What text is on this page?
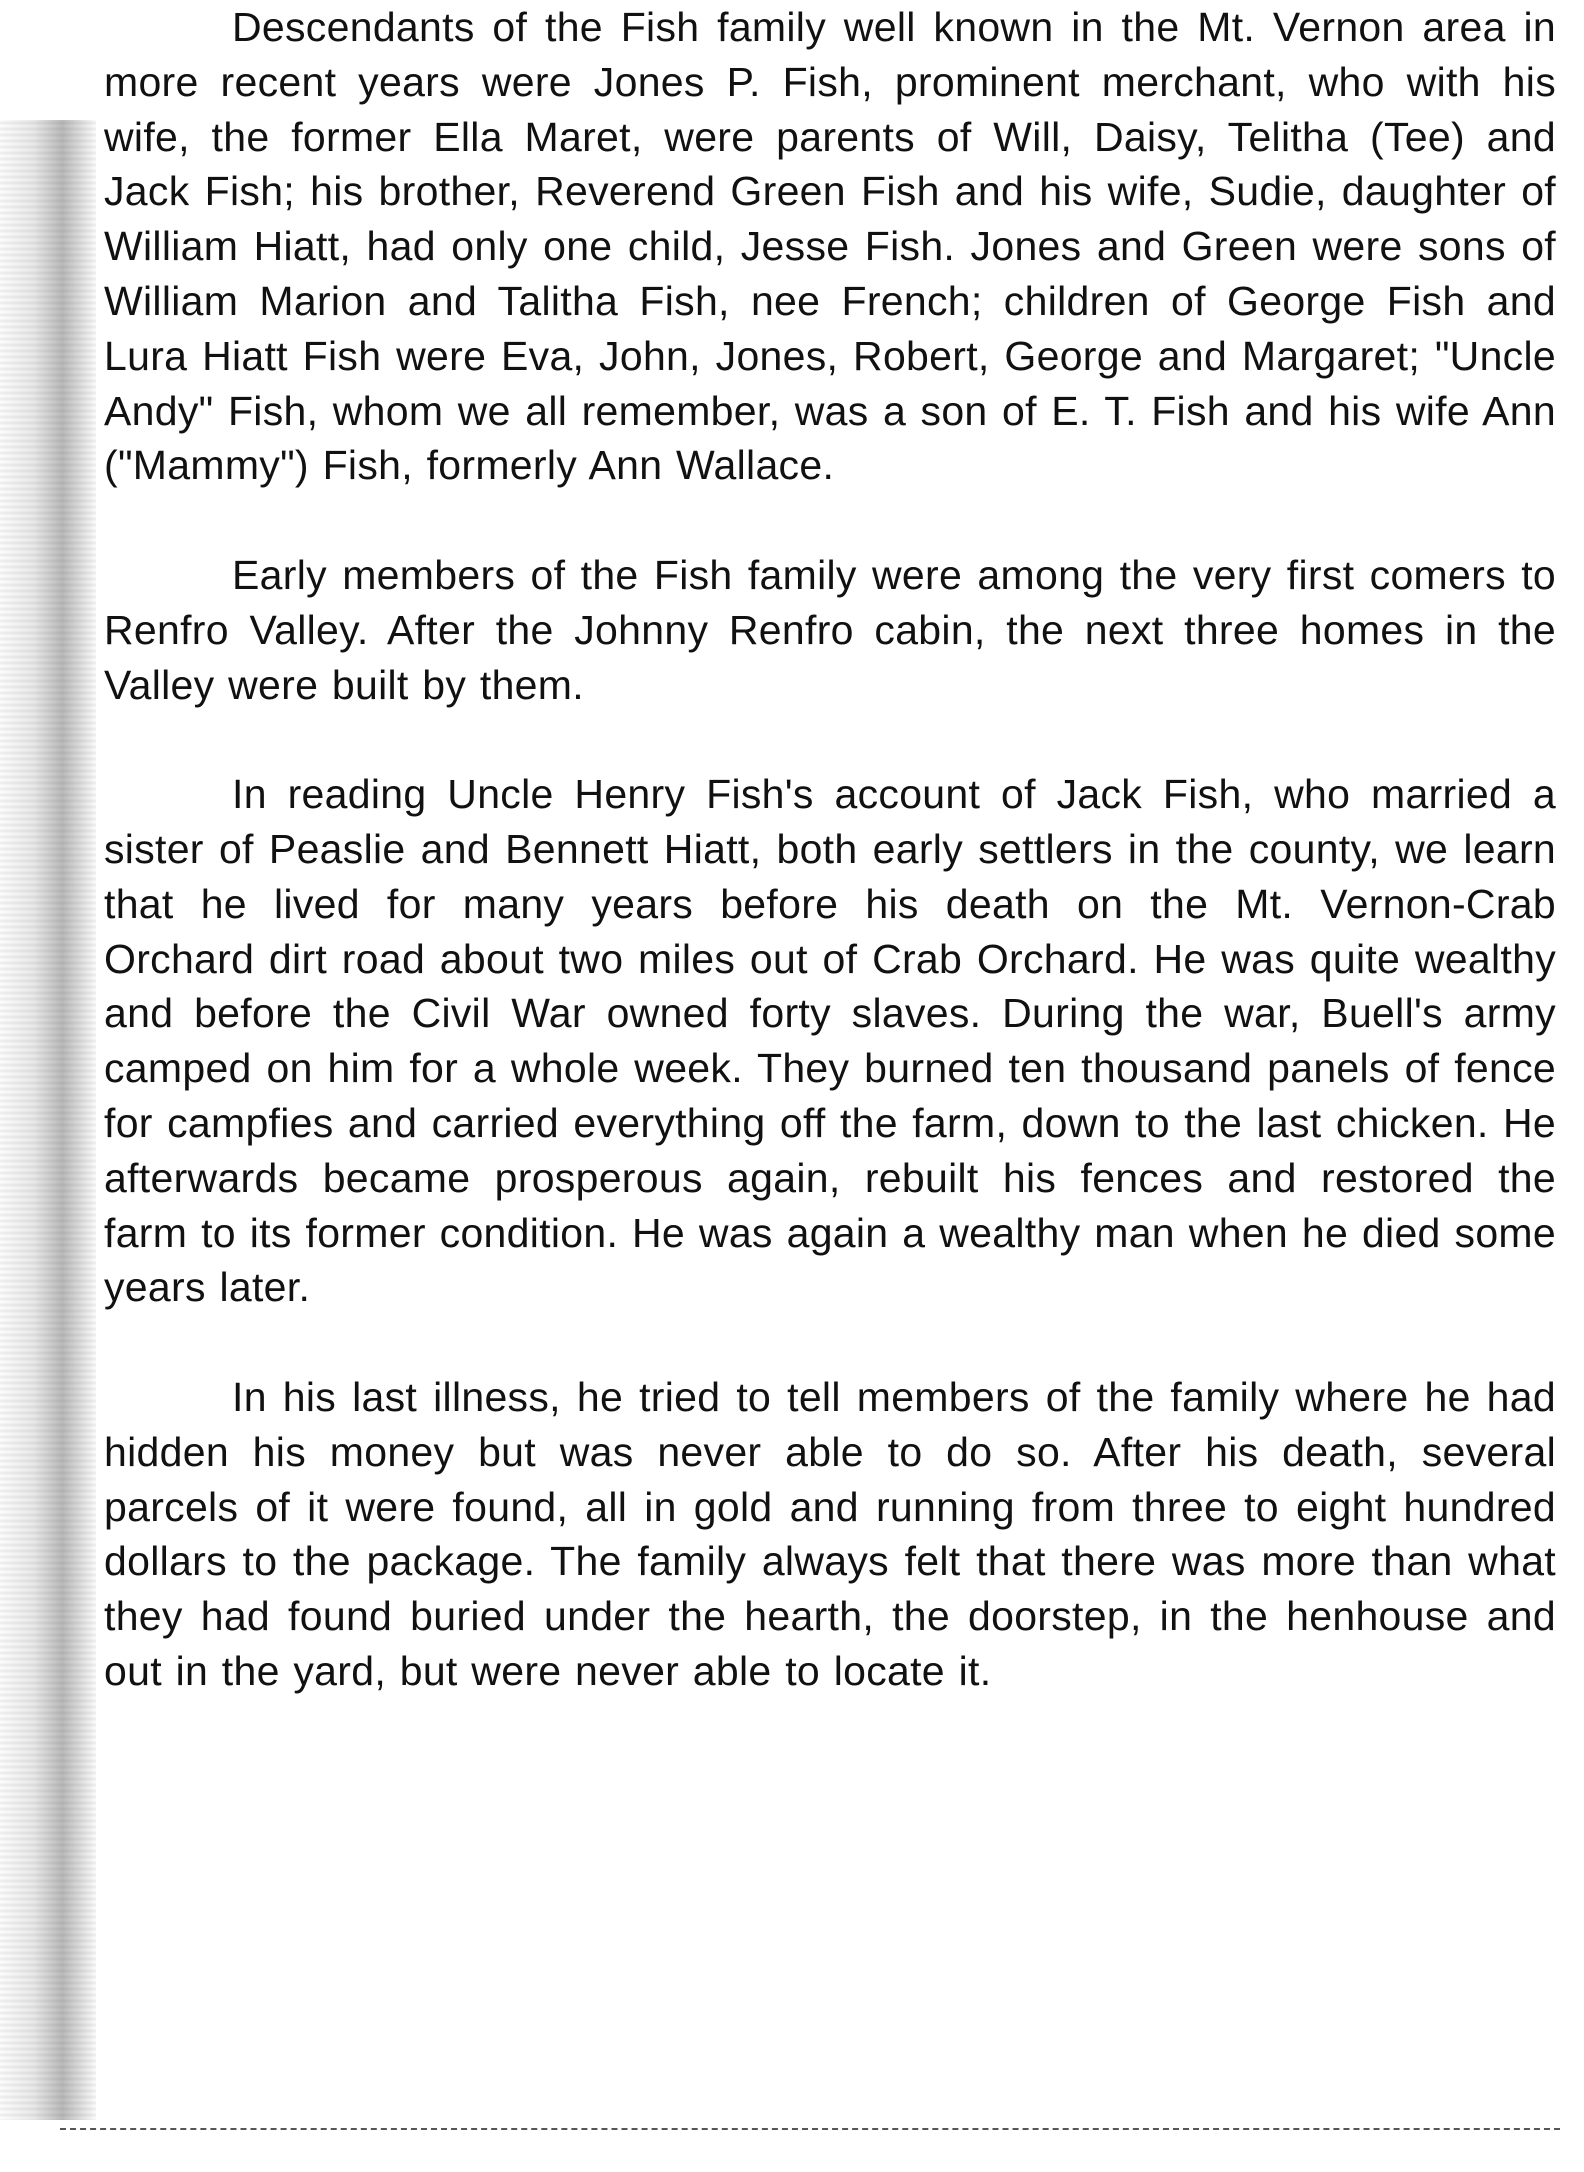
Descendants of the Fish family well known in the Mt. Vernon area in more recent years were Jones P. Fish, prominent merchant, who with his wife, the former Ella Maret, were parents of Will, Daisy, Telitha (Tee) and Jack Fish; his brother, Reverend Green Fish and his wife, Sudie, daughter of William Hiatt, had only one child, Jesse Fish. Jones and Green were sons of William Marion and Talitha Fish, nee French; children of George Fish and Lura Hiatt Fish were Eva, John, Jones, Robert, George and Margaret; "Uncle Andy" Fish, whom we all remember, was a son of E. T. Fish and his wife Ann ("Mammy") Fish, formerly Ann Wallace.

Early members of the Fish family were among the very first comers to Renfro Valley. After the Johnny Renfro cabin, the next three homes in the Valley were built by them.

In reading Uncle Henry Fish's account of Jack Fish, who married a sister of Peaslie and Bennett Hiatt, both early settlers in the county, we learn that he lived for many years before his death on the Mt. Vernon-Crab Orchard dirt road about two miles out of Crab Orchard. He was quite wealthy and before the Civil War owned forty slaves. During the war, Buell's army camped on him for a whole week. They burned ten thousand panels of fence for campfies and carried everything off the farm, down to the last chicken. He afterwards became prosperous again, rebuilt his fences and restored the farm to its former condition. He was again a wealthy man when he died some years later.

In his last illness, he tried to tell members of the family where he had hidden his money but was never able to do so. After his death, several parcels of it were found, all in gold and running from three to eight hundred dollars to the package. The family always felt that there was more than what they had found buried under the hearth, the doorstep, in the henhouse and out in the yard, but were never able to locate it.
